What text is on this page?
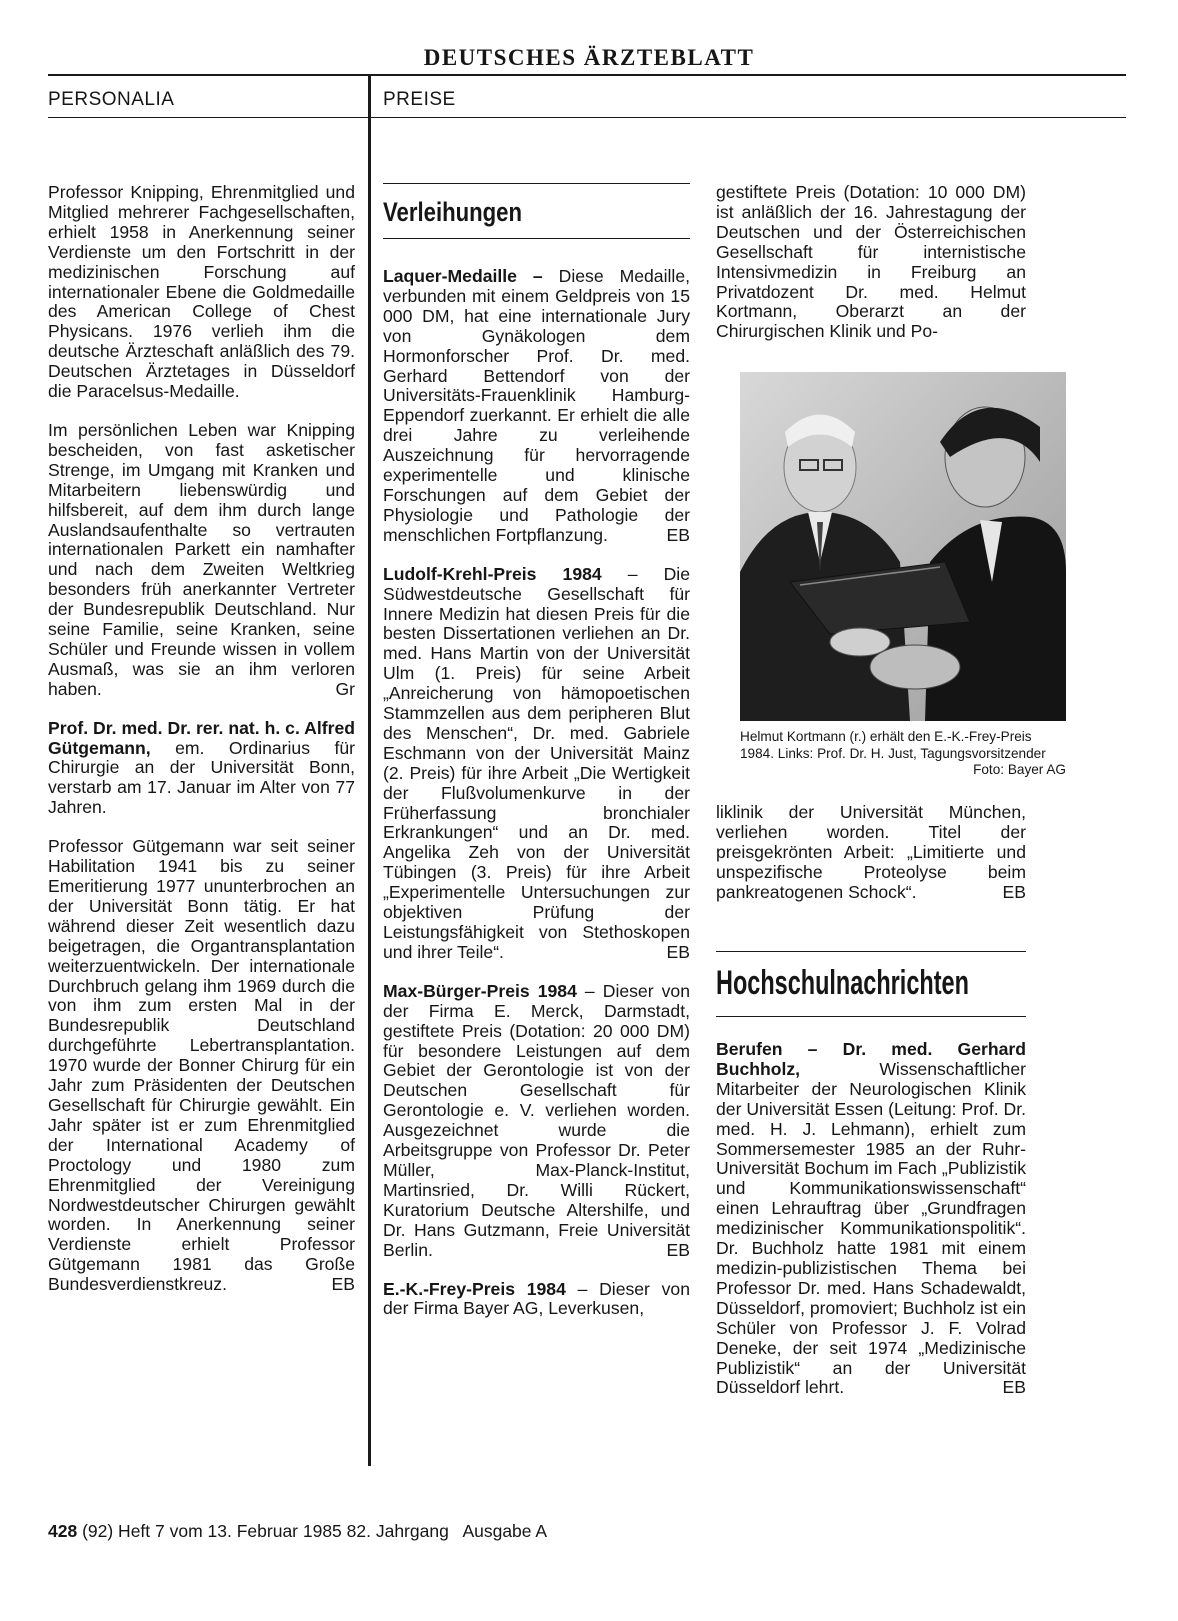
DEUTSCHES ÄRZTEBLATT
PERSONALIA	PREISE

Professor Knipping, Ehrenmitglied und Mitglied mehrerer Fachgesellschaften, erhielt 1958 in Anerkennung seiner Verdienste um den Fortschritt in der medizinischen Forschung auf internationaler Ebene die Goldmedaille des American College of Chest Physicans. 1976 verlieh ihm die deutsche Ärzteschaft anläßlich des 79. Deutschen Ärztetages in Düsseldorf die Paracelsus-Medaille.

Im persönlichen Leben war Knipping bescheiden, von fast asketischer Strenge, im Umgang mit Kranken und Mitarbeitern liebenswürdig und hilfsbereit, auf dem ihm durch lange Auslandsaufenthalte so vertrauten internationalen Parkett ein namhafter und nach dem Zweiten Weltkrieg besonders früh anerkannter Vertreter der Bundesrepublik Deutschland. Nur seine Familie, seine Kranken, seine Schüler und Freunde wissen in vollem Ausmaß, was sie an ihm verloren haben.	Gr

Prof. Dr. med. Dr. rer. nat. h. c. Alfred Gütgemann, em. Ordinarius für Chirurgie an der Universität Bonn, verstarb am 17. Januar im Alter von 77 Jahren.

Professor Gütgemann war seit seiner Habilitation 1941 bis zu seiner Emeritierung 1977 ununterbrochen an der Universität Bonn tätig. Er hat während dieser Zeit wesentlich dazu beigetragen, die Organtransplantation weiterzuentwickeln. Der internationale Durchbruch gelang ihm 1969 durch die von ihm zum ersten Mal in der Bundesrepublik Deutschland durchgeführte Lebertransplantation. 1970 wurde der Bonner Chirurg für ein Jahr zum Präsidenten der Deutschen Gesellschaft für Chirurgie gewählt. Ein Jahr später ist er zum Ehrenmitglied der International Academy of Proctology und 1980 zum Ehrenmitglied der Vereinigung Nordwestdeutscher Chirurgen gewählt worden. In Anerkennung seiner Verdienste erhielt Professor Gütgemann 1981 das Große Bundesverdienstkreuz.	EB

Verleihungen

Laquer-Medaille – Diese Medaille, verbunden mit einem Geldpreis von 15 000 DM, hat eine internationale Jury von Gynäkologen dem Hormonforscher Prof. Dr. med. Gerhard Bettendorf von der Universitäts-Frauenklinik Hamburg-Eppendorf zuerkannt. Er erhielt die alle drei Jahre zu verleihende Auszeichnung für hervorragende experimentelle und klinische Forschungen auf dem Gebiet der Physiologie und Pathologie der menschlichen Fortpflanzung.	EB

Ludolf-Krehl-Preis 1984 – Die Südwestdeutsche Gesellschaft für Innere Medizin hat diesen Preis für die besten Dissertationen verliehen an Dr. med. Hans Martin von der Universität Ulm (1. Preis) für seine Arbeit „Anreicherung von hämopoetischen Stammzellen aus dem peripheren Blut des Menschen“, Dr. med. Gabriele Eschmann von der Universität Mainz (2. Preis) für ihre Arbeit „Die Wertigkeit der Flußvolumenkurve in der Früherfassung bronchialer Erkrankungen“ und an Dr. med. Angelika Zeh von der Universität Tübingen (3. Preis) für ihre Arbeit „Experimentelle Untersuchungen zur objektiven Prüfung der Leistungsfähigkeit von Stethoskopen und ihrer Teile“.	EB

Max-Bürger-Preis 1984 – Dieser von der Firma E. Merck, Darmstadt, gestiftete Preis (Dotation: 20 000 DM) für besondere Leistungen auf dem Gebiet der Gerontologie ist von der Deutschen Gesellschaft für Gerontologie e. V. verliehen worden. Ausgezeichnet wurde die Arbeitsgruppe von Professor Dr. Peter Müller, Max-Planck-Institut, Martinsried, Dr. Willi Rückert, Kuratorium Deutsche Altershilfe, und Dr. Hans Gutzmann, Freie Universität Berlin.	EB

E.-K.-Frey-Preis 1984 – Dieser von der Firma Bayer AG, Leverkusen,

gestiftete Preis (Dotation: 10 000 DM) ist anläßlich der 16. Jahrestagung der Deutschen und der Österreichischen Gesellschaft für internistische Intensivmedizin in Freiburg an Privatdozent Dr. med. Helmut Kortmann, Oberarzt an der Chirurgischen Klinik und Po-

Helmut Kortmann (r.) erhält den E.-K.-Frey-Preis 1984. Links: Prof. Dr. H. Just, Tagungsvorsitzender
Foto: Bayer AG

liklinik der Universität München, verliehen worden. Titel der preisgekrönten Arbeit: „Limitierte und unspezifische Proteolyse beim pankreatogenen Schock“.	EB

Hochschulnachrichten

Berufen – Dr. med. Gerhard Buchholz, Wissenschaftlicher Mitarbeiter der Neurologischen Klinik der Universität Essen (Leitung: Prof. Dr. med. H. J. Lehmann), erhielt zum Sommersemester 1985 an der Ruhr-Universität Bochum im Fach „Publizistik und Kommunikationswissenschaft“ einen Lehrauftrag über „Grundfragen medizinischer Kommunikationspolitik“. Dr. Buchholz hatte 1981 mit einem medizin-publizistischen Thema bei Professor Dr. med. Hans Schadewaldt, Düsseldorf, promoviert; Buchholz ist ein Schüler von Professor J. F. Volrad Deneke, der seit 1974 „Medizinische Publizistik“ an der Universität Düsseldorf lehrt.	EB

428 (92) Heft 7 vom 13. Februar 1985 82. Jahrgang   Ausgabe A
